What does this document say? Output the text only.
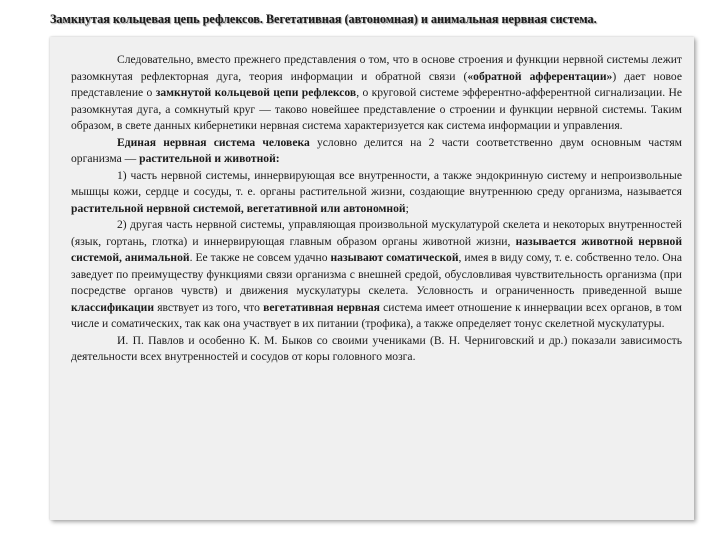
Замкнутая кольцевая цепь рефлексов. Вегетативная (автономная) и анимальная нервная система.

Следовательно, вместо прежнего представления о том, что в основе строения и функции нервной системы лежит разомкнутая рефлекторная дуга, теория информации и обратной связи («обратной афферентации») дает новое представление о замкнутой кольцевой цепи рефлексов, о круговой системе эфферентно-афферентной сигнализации. Не разомкнутая дуга, а сомкнутый круг — таково новейшее представление о строении и функции нервной системы. Таким образом, в свете данных кибернетики нервная система характеризуется как система информации и управления.

Единая нервная система человека условно делится на 2 части соответственно двум основным частям организма — растительной и животной:

1) часть нервной системы, иннервирующая все внутренности, а также эндокринную систему и непроизвольные мышцы кожи, сердце и сосуды, т. е. органы растительной жизни, создающие внутреннюю среду организма, называется растительной нервной системой, вегетативной или автономной;

2) другая часть нервной системы, управляющая произвольной мускулатурой скелета и некоторых внутренностей (язык, гортань, глотка) и иннервирующая главным образом органы животной жизни, называется животной нервной системой, анимальной. Ее также не совсем удачно называют соматической, имея в виду сому, т. е. собственно тело. Она заведует по преимуществу функциями связи организма с внешней средой, обусловливая чувствительность организма (при посредстве органов чувств) и движения мускулатуры скелета. Условность и ограниченность приведенной выше классификации явствует из того, что вегетативная нервная система имеет отношение к иннервации всех органов, в том числе и соматических, так как она участвует в их питании (трофика), а также определяет тонус скелетной мускулатуры.

И. П. Павлов и особенно К. М. Быков со своими учениками (В. Н. Черниговский и др.) показали зависимость деятельности всех внутренностей и сосудов от коры головного мозга.
